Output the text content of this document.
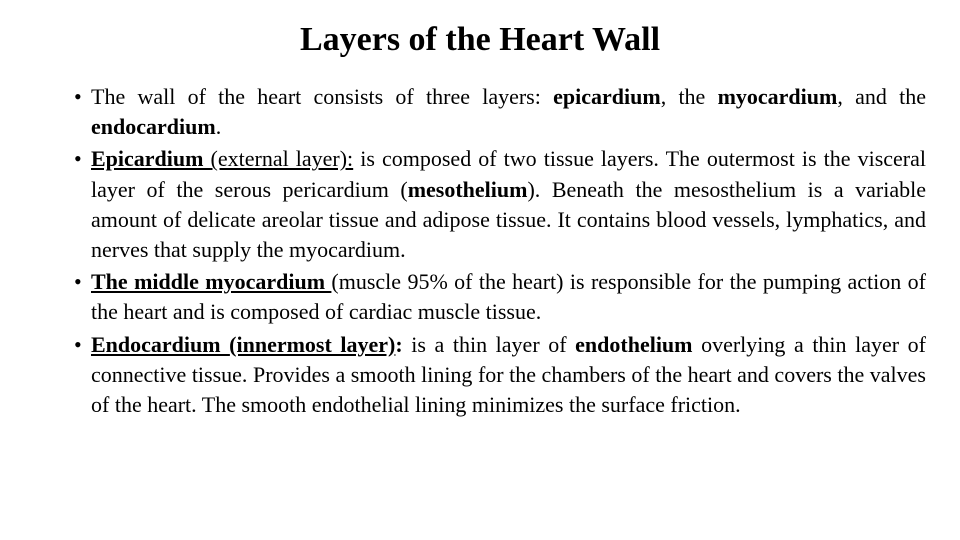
Layers of the Heart Wall
• The wall of the heart consists of three layers: epicardium, the myocardium, and the endocardium.
• Epicardium (external layer): is composed of two tissue layers. The outermost is the visceral layer of the serous pericardium (mesothelium). Beneath the mesosthelium is a variable amount of delicate areolar tissue and adipose tissue. It contains blood vessels, lymphatics, and nerves that supply the myocardium.
• The middle myocardium (muscle 95% of the heart) is responsible for the pumping action of the heart and is composed of cardiac muscle tissue.
• Endocardium (innermost layer): is a thin layer of endothelium overlying a thin layer of connective tissue. Provides a smooth lining for the chambers of the heart and covers the valves of the heart. The smooth endothelial lining minimizes the surface friction.
